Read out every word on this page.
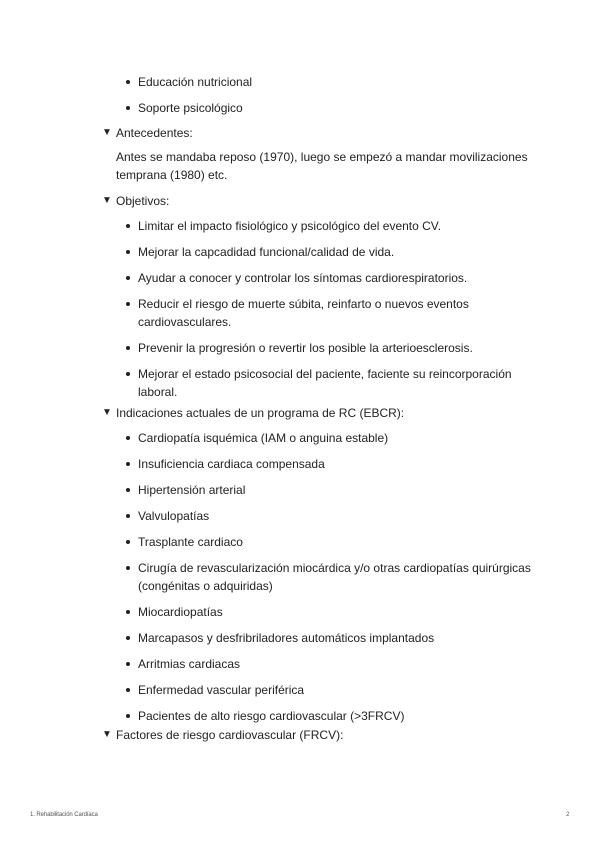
Educación nutricional
Soporte psicológico
▼ Antecedentes:

Antes se mandaba reposo (1970), luego se empezó a mandar movilizaciones temprana (1980) etc.

▼ Objetivos:
Limitar el impacto fisiológico y psicológico del evento CV.
Mejorar la capcadidad funcional/calidad de vida.
Ayudar a conocer y controlar los síntomas cardiorespiratorios.
Reducir el riesgo de muerte súbita, reinfarto o nuevos eventos cardiovasculares.
Prevenir la progresión o revertir los posible la arterioesclerosis.
Mejorar el estado psicosocial del paciente, faciente su reincorporación laboral.
▼ Indicaciones actuales de un programa de RC (EBCR):
Cardiopatía isquémica (IAM o anguina estable)
Insuficiencia cardiaca compensada
Hipertensión arterial
Valvulopatías
Trasplante cardiaco
Cirugía de revascularización miocárdica y/o otras cardiopatías quirúrgicas (congénitas o adquiridas)
Miocardiopatías
Marcapasos y desfribriladores automáticos implantados
Arritmias cardiacas
Enfermedad vascular periférica
Pacientes de alto riesgo cardiovascular (>3FRCV)
▼ Factores de riesgo cardiovascular (FRCV):
1. Rehabilitación Cardíaca	2
